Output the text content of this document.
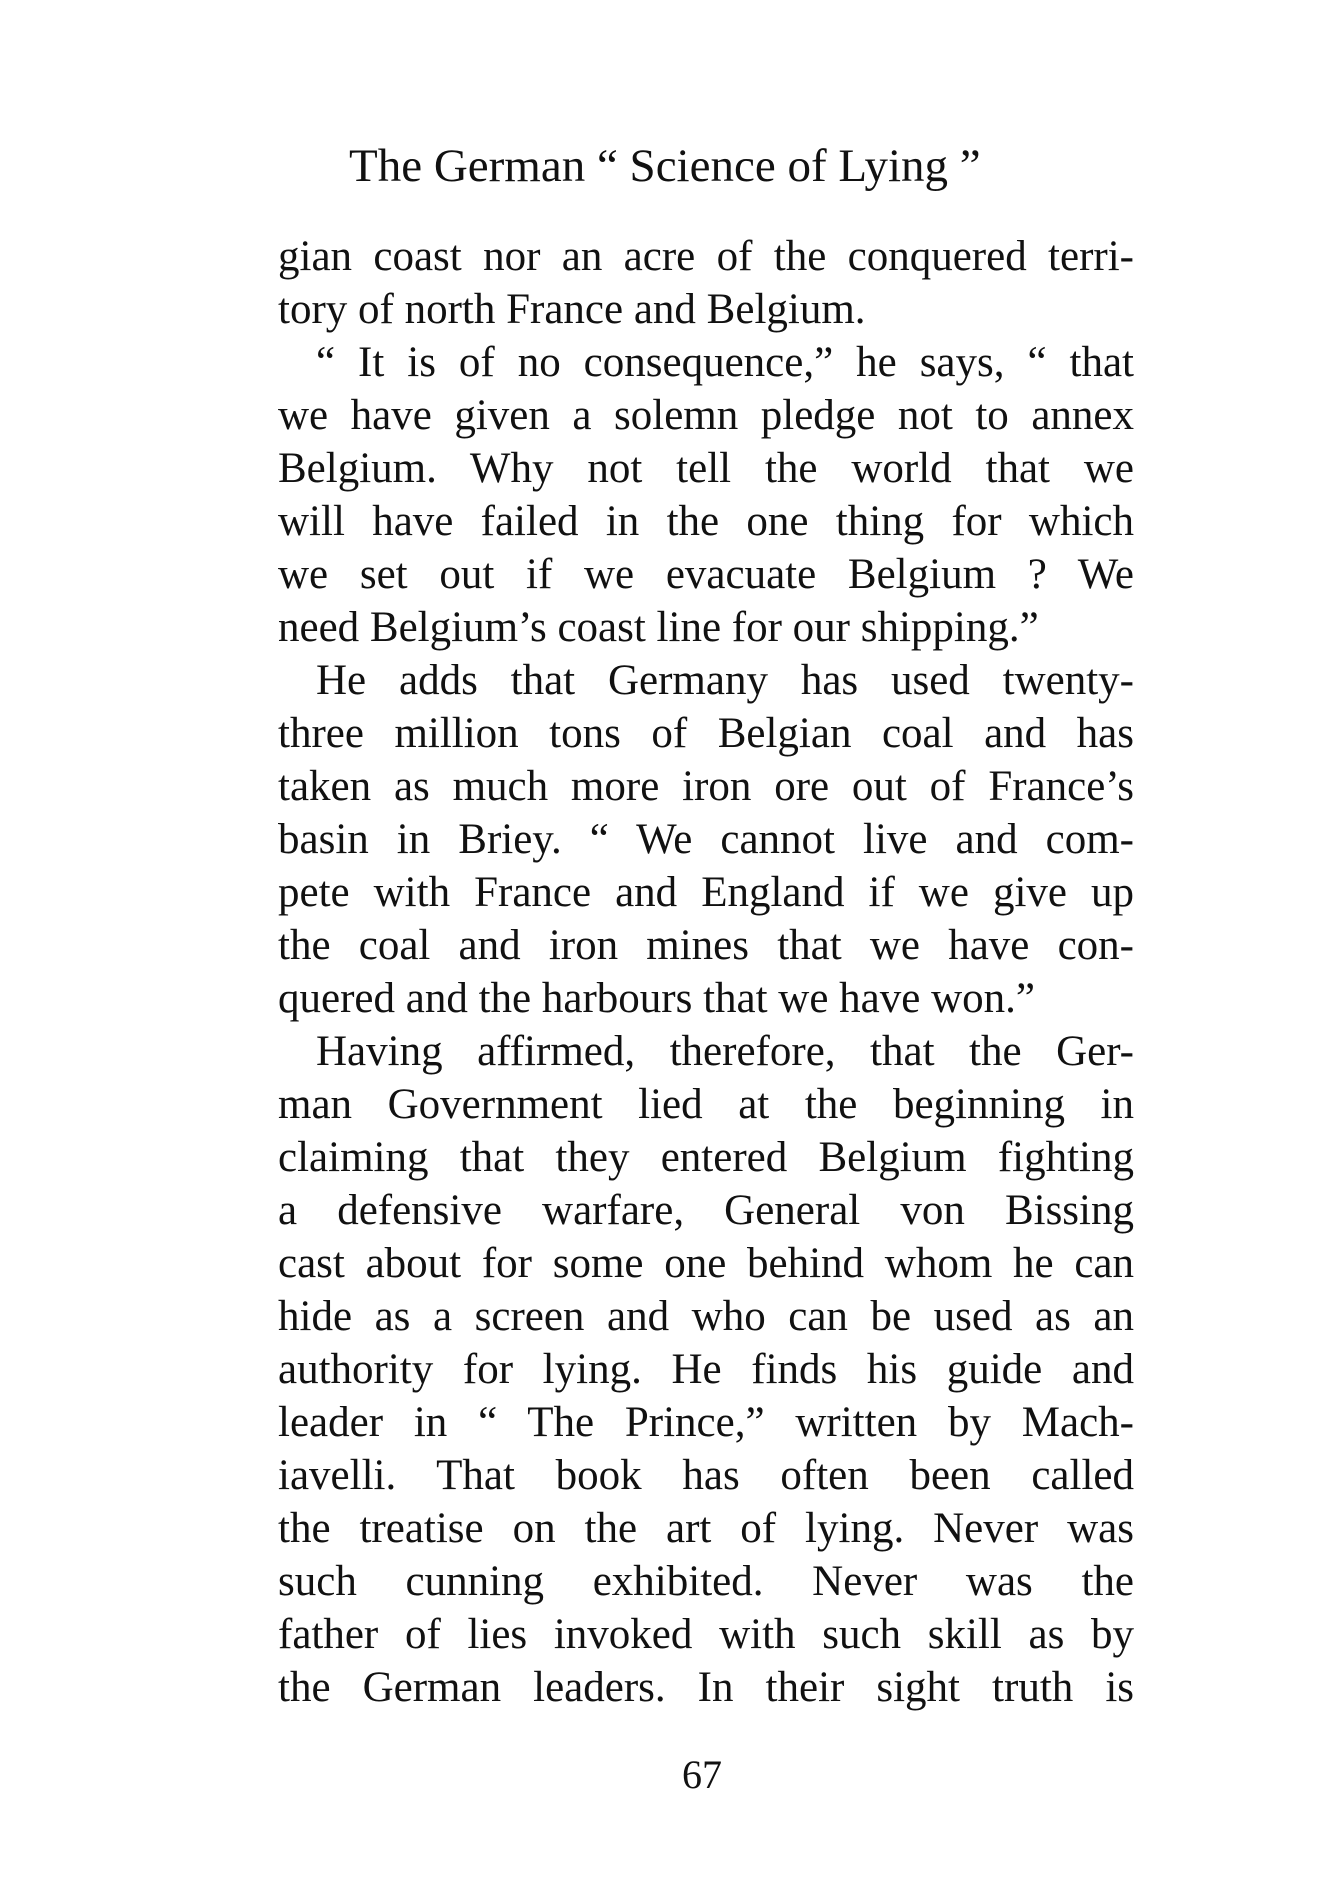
The German “ Science of Lying ”
gian coast nor an acre of the conquered terri-
tory of north France and Belgium.
“ It is of no consequence,” he says, “ that
we have given a solemn pledge not to annex
Belgium. Why not tell the world that we
will have failed in the one thing for which
we set out if we evacuate Belgium ? We
need Belgium’s coast line for our shipping.”
He adds that Germany has used twenty-
three million tons of Belgian coal and has
taken as much more iron ore out of France’s
basin in Briey. “ We cannot live and com-
pete with France and England if we give up
the coal and iron mines that we have con-
quered and the harbours that we have won.”
Having affirmed, therefore, that the Ger-
man Government lied at the beginning in
claiming that they entered Belgium fighting
a defensive warfare, General von Bissing
cast about for some one behind whom he can
hide as a screen and who can be used as an
authority for lying. He finds his guide and
leader in “ The Prince,” written by Mach-
iavelli. That book has often been called
the treatise on the art of lying. Never was
such cunning exhibited. Never was the
father of lies invoked with such skill as by
the German leaders. In their sight truth is
67
